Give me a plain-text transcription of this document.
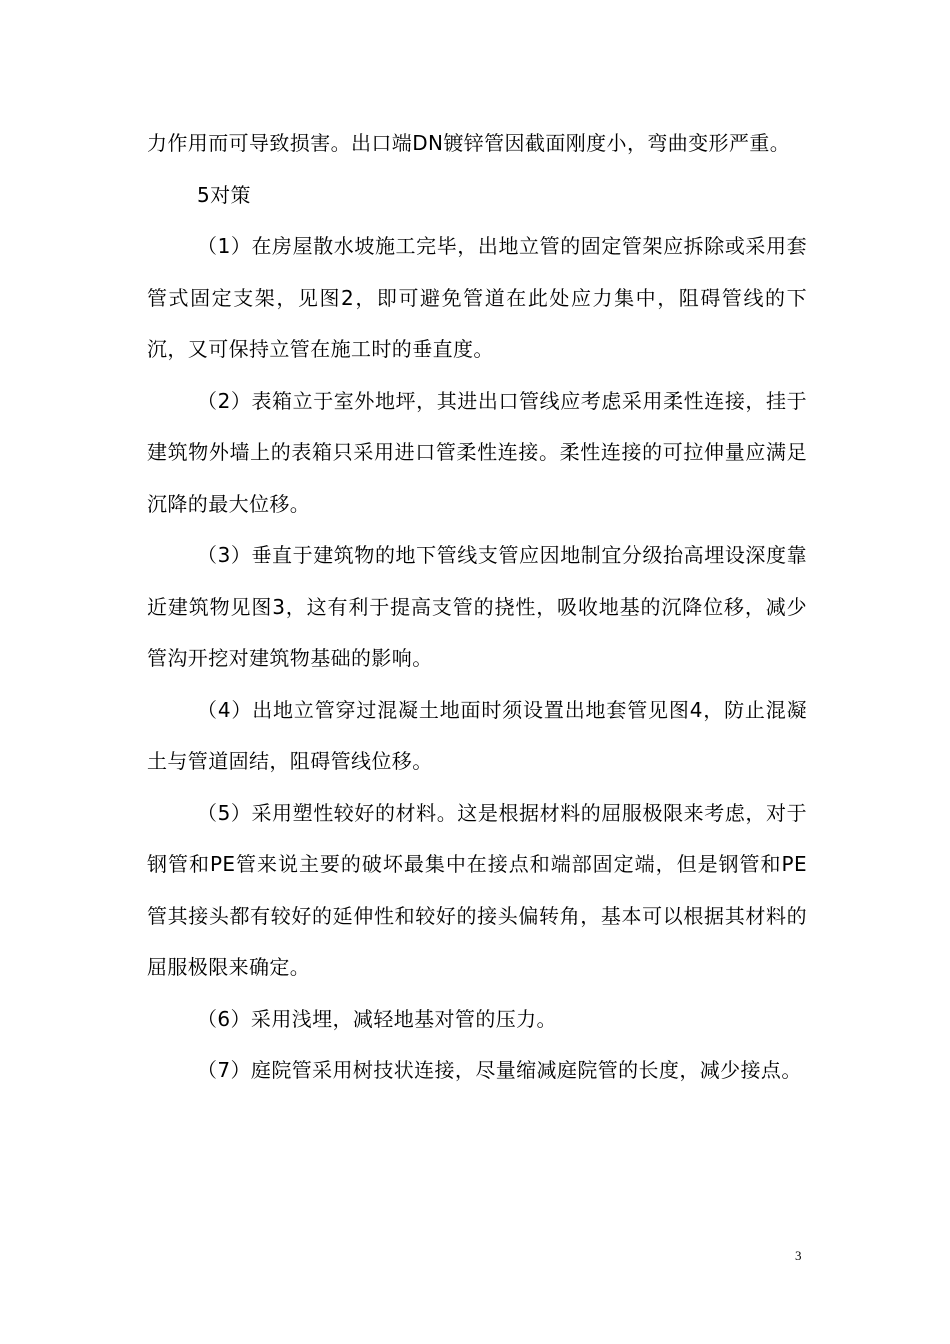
力作用而可导致损害。出口端DN镀锌管因截面刚度小，弯曲变形严重。

5对策

（1）在房屋散水坡施工完毕，出地立管的固定管架应拆除或采用套管式固定支架，见图2，即可避免管道在此处应力集中，阻碍管线的下沉，又可保持立管在施工时的垂直度。

（2）表箱立于室外地坪，其进出口管线应考虑采用柔性连接，挂于建筑物外墙上的表箱只采用进口管柔性连接。柔性连接的可拉伸量应满足沉降的最大位移。

（3）垂直于建筑物的地下管线支管应因地制宜分级抬高埋设深度靠近建筑物见图3，这有利于提高支管的挠性，吸收地基的沉降位移，减少管沟开挖对建筑物基础的影响。

（4）出地立管穿过混凝土地面时须设置出地套管见图4，防止混凝土与管道固结，阻碍管线位移。

（5）采用塑性较好的材料。这是根据材料的屈服极限来考虑，对于钢管和PE管来说主要的破坏最集中在接点和端部固定端，但是钢管和PE管其接头都有较好的延伸性和较好的接头偏转角，基本可以根据其材料的屈服极限来确定。

（6）采用浅埋，减轻地基对管的压力。

（7）庭院管采用树技状连接，尽量缩减庭院管的长度，减少接点。

3
